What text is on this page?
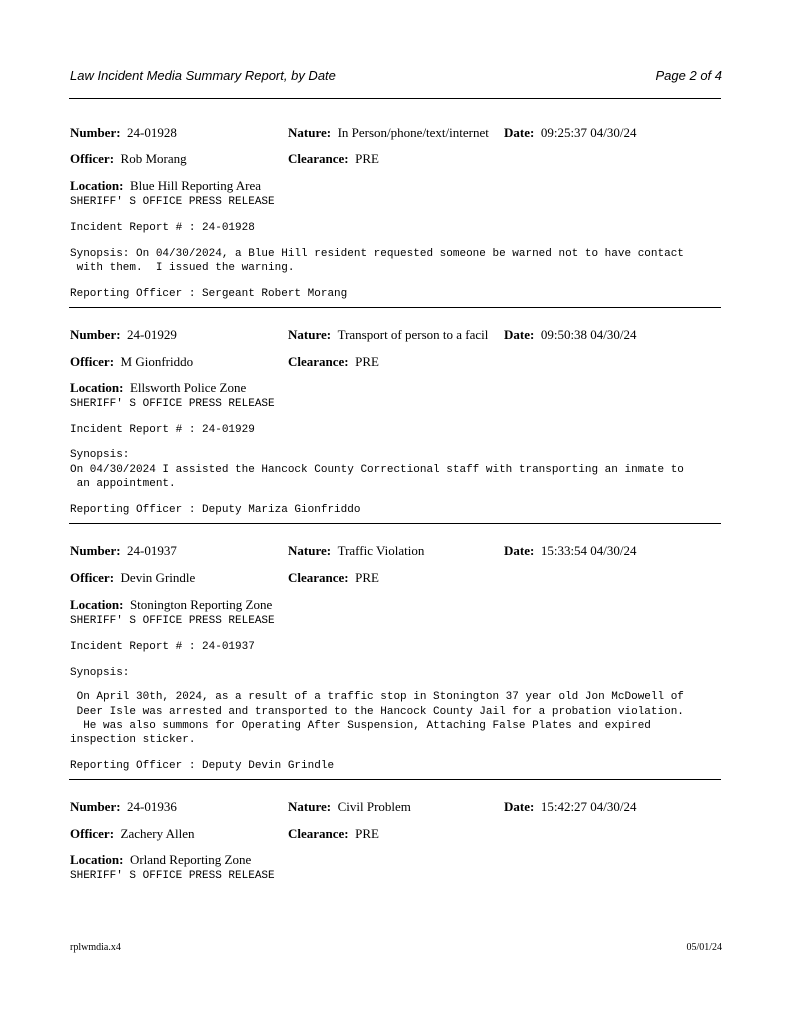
Law Incident Media Summary Report, by Date	Page 2 of 4
Number: 24-01928	Nature: In Person/phone/text/internet Date: 09:25:37 04/30/24
Officer: Rob Morang	Clearance: PRE
Location: Blue Hill Reporting Area
SHERIFF' S OFFICE PRESS RELEASE
Incident Report # : 24-01928
Synopsis: On 04/30/2024, a Blue Hill resident requested someone be warned not to have contact
with them.  I issued the warning.
Reporting Officer : Sergeant Robert Morang
Number: 24-01929	Nature: Transport of person to a facil Date: 09:50:38 04/30/24
Officer: M Gionfriddo	Clearance: PRE
Location: Ellsworth Police Zone
SHERIFF' S OFFICE PRESS RELEASE
Incident Report # : 24-01929
Synopsis:
On 04/30/2024 I assisted the Hancock County Correctional staff with transporting an inmate to
an appointment.
Reporting Officer : Deputy Mariza Gionfriddo
Number: 24-01937	Nature: Traffic Violation	Date: 15:33:54 04/30/24
Officer: Devin Grindle	Clearance: PRE
Location: Stonington Reporting Zone
SHERIFF' S OFFICE PRESS RELEASE
Incident Report # : 24-01937
Synopsis:
On April 30th, 2024, as a result of a traffic stop in Stonington 37 year old Jon McDowell of
Deer Isle was arrested and transported to the Hancock County Jail for a probation violation.
He was also summons for Operating After Suspension, Attaching False Plates and expired
inspection sticker.
Reporting Officer : Deputy Devin Grindle
Number: 24-01936	Nature: Civil Problem	Date: 15:42:27 04/30/24
Officer: Zachery Allen	Clearance: PRE
Location: Orland Reporting Zone
SHERIFF' S OFFICE PRESS RELEASE
rplwmdia.x4	05/01/24
